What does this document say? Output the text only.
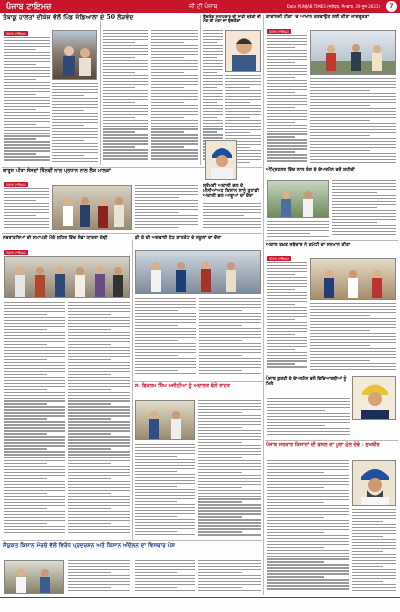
ਪੰਜਾਬ ਟਾਇਮਜ਼	ਜੀ ਟੀ ਪੰਜਾਬ	Date PUNJAB TIMES (ਜਲੰਧਰ, ਸੋਮਵਾਰ, 29 ਜੂਨ 2021)	7
ਤੰਬਾਕੂ ਹਾਲਤਾਂ ਦੀਕੇਜ਼ ਵੱਲੋਂ ਪਿੰਡ ਜੰਡਿਆਲਾ ਦੇ 50 ਲੋੜਵੰਦ
ਪੰਜਾਬ ਟਾਇਮਜ਼
ਉਦਯੋਗ ਸਲਾਹਕਾਰ ਦੀ ਸਾਡੀ ਸ਼੍ਰੇਣੀ ਦੀ ਮੰਗ ਵੀ ਮੋਗਾਂ ਜਾਂ ਉਦਯੋਗਾਂ
ਬਾਰੂਸ ਪੀਤਾ ਸੰਸਦਾਂ ਤਿੰਨਵੀਂ ਨਾਲ ਪ੍ਰਧਾਨ ਨਾਲ ਲੈਸ਼ ਮਾਲਕਾਂ
ਪੰਜਾਬ ਟਾਇਮਜ਼	ਸ਼੍ਰੋਮਣੀ ਅਕਾਲੀ ਦਲ ਦੇ ਮੀਨੀਆਂਅਧ ਕਿਸਾਨ ਸਾਨੂੰ ਤੁਹਾਡੀ ਅਕਾਲੀ ਦਲ ਆਗੂਆਂ ਦਾ ਦੌਰਾ
ਕਾਵਾਂਲਜੀ ਟੀਕਾ 'ਚ ਆਖਾਨ ਕਰਵਾਉਣ ਲਈ ਕੀਤਾ ਜਾਗਰੂਕਤਾ
ਪੰਜਾਬ ਟਾਇਮਜ਼
ਅੰਮ੍ਰਿਤਸਰ ਵਿੱਚ ਲਾਲ ਰੰਗ ਦੇ ਚੇਅਰਮੈਨ ਵਜੋਂ ਸ਼ਹੀਦੀ
ਅਕਾਲ ਤਖ਼ਤ ਜਥੇਦਾਰ ਨੇ ਕਮੇਟੀ ਦਾ ਸਨਮਾਨ ਕੀਤਾ
ਪੰਜਾਬ ਟਾਇਮਜ਼
ਪੰਜਾਬ ਕੁਸ਼ਤੀ ਦੇ ਚੇਅਰਮੈਨ ਵਲੋਂ ਵਿਦਿਆਰਥੀਆਂ ਨੂੰ ਮਿਲੇ
ਪੰਜਾਬ ਸਰਕਾਰ ਕਿਸਾਨਾਂ ਦੀ ਫਸਲ ਦਾ ਪੂਰਾ ਮੁੱਲ ਦੇਵੇ : ਸੁਖਬੀਰ
ਨਵਰਾਤਰਿਆਂ ਦੀ ਸਮਾਪਤੀ ਮੌਕੇ ਸ਼ਹਿਰ ਵਿੱਚ ਸੋਭਾ ਯਾਤਰਾ ਕੱਢੀ
ਪੰਜਾਬ ਟਾਇਮਜ਼
ਡੀ ਕੇ ਦੀ ਅਗਵਾਈ ਹੇਠ ਸ਼ਾਹਕੋਟ ਦੇ ਸਕੂਲਾਂ ਦਾ ਦੌਰਾ
ਸ. ਵਿਕਰਮ ਸਿੰਘ ਮਜੀਠੀਆ ਨੂੰ ਅਦਾਲਤ ਵੱਲੋਂ ਰਾਹਤ
ਸੰਯੁਕਤ ਕਿਸਾਨ ਮੋਰਚੇ ਵੱਲੋਂ ਵਿਰੋਧ ਪ੍ਰਦਰਸ਼ਨ ਅਤੇ ਕਿਸਾਨ ਅੰਦੋਲਨ ਦਾ ਵਿਸਥਾਰ ਪੇਸ਼
